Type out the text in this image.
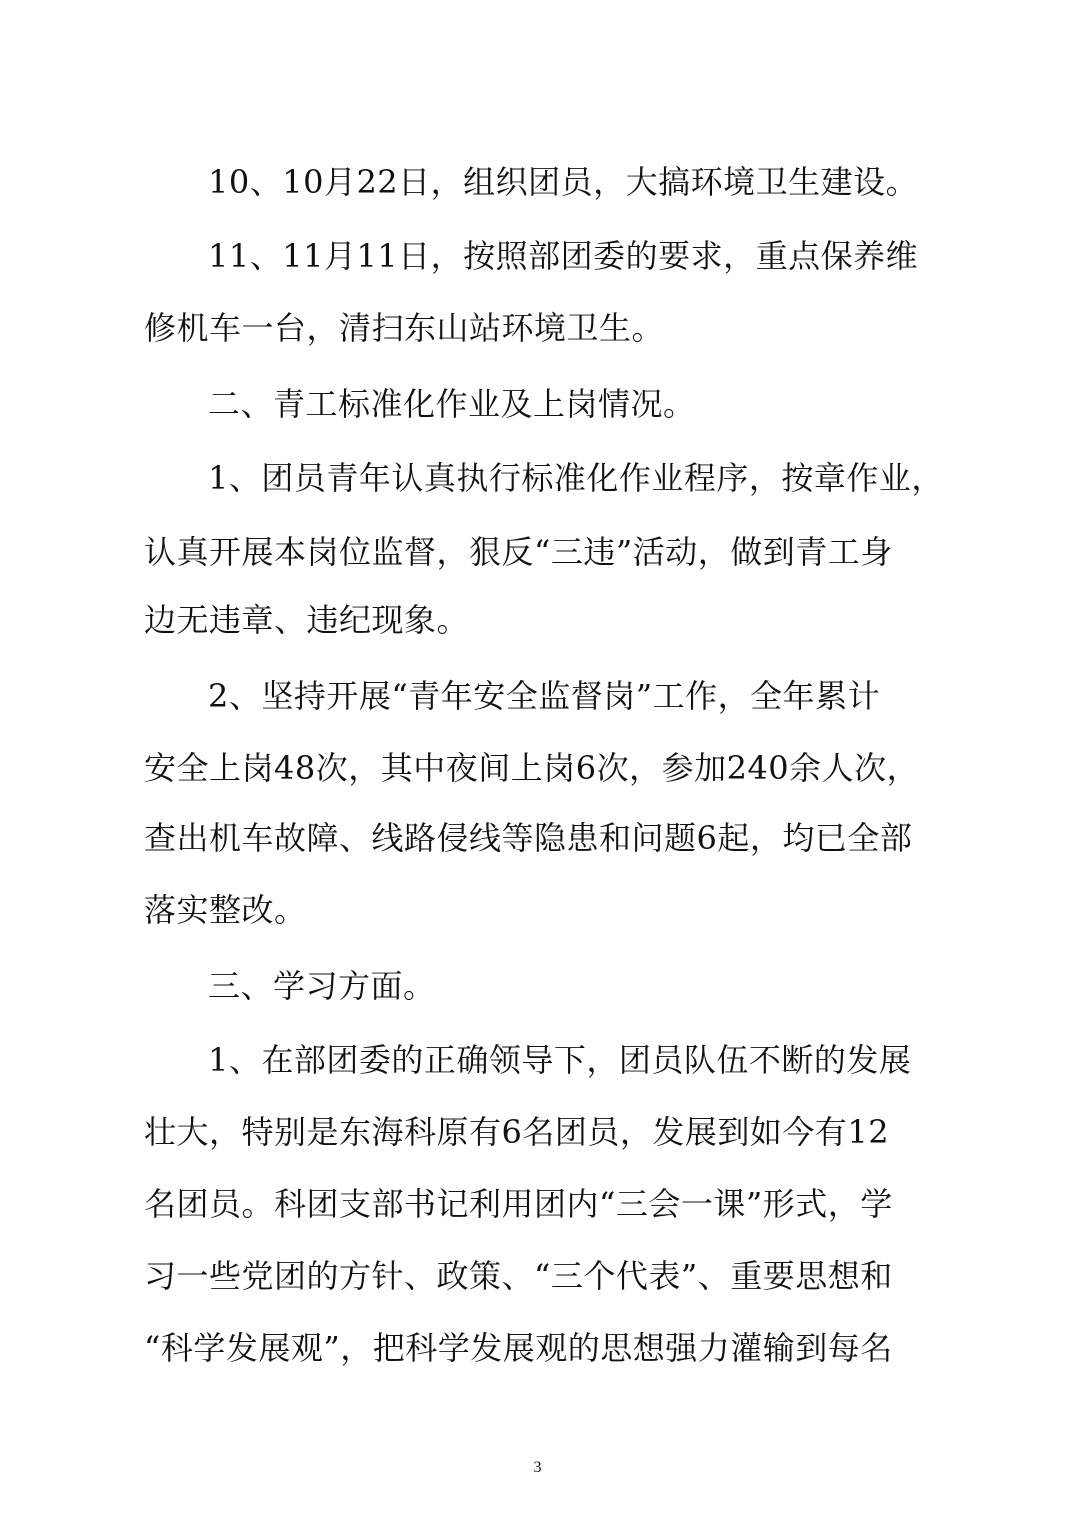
10、10月22日，组织团员，大搞环境卫生建设。
11、11月11日，按照部团委的要求，重点保养维
修机车一台，清扫东山站环境卫生。
二、青工标准化作业及上岗情况。
1、团员青年认真执行标准化作业程序，按章作业，
认真开展本岗位监督，狠反“三违”活动，做到青工身
边无违章、违纪现象。
2、坚持开展“青年安全监督岗”工作，全年累计
安全上岗48次，其中夜间上岗6次，参加240余人次，
查出机车故障、线路侵线等隐患和问题6起，均已全部
落实整改。
三、学习方面。
1、在部团委的正确领导下，团员队伍不断的发展
壮大，特别是东海科原有6名团员，发展到如今有12
名团员。科团支部书记利用团内“三会一课”形式，学
习一些党团的方针、政策、“三个代表”、重要思想和
“科学发展观”，把科学发展观的思想强力灌输到每名
3
